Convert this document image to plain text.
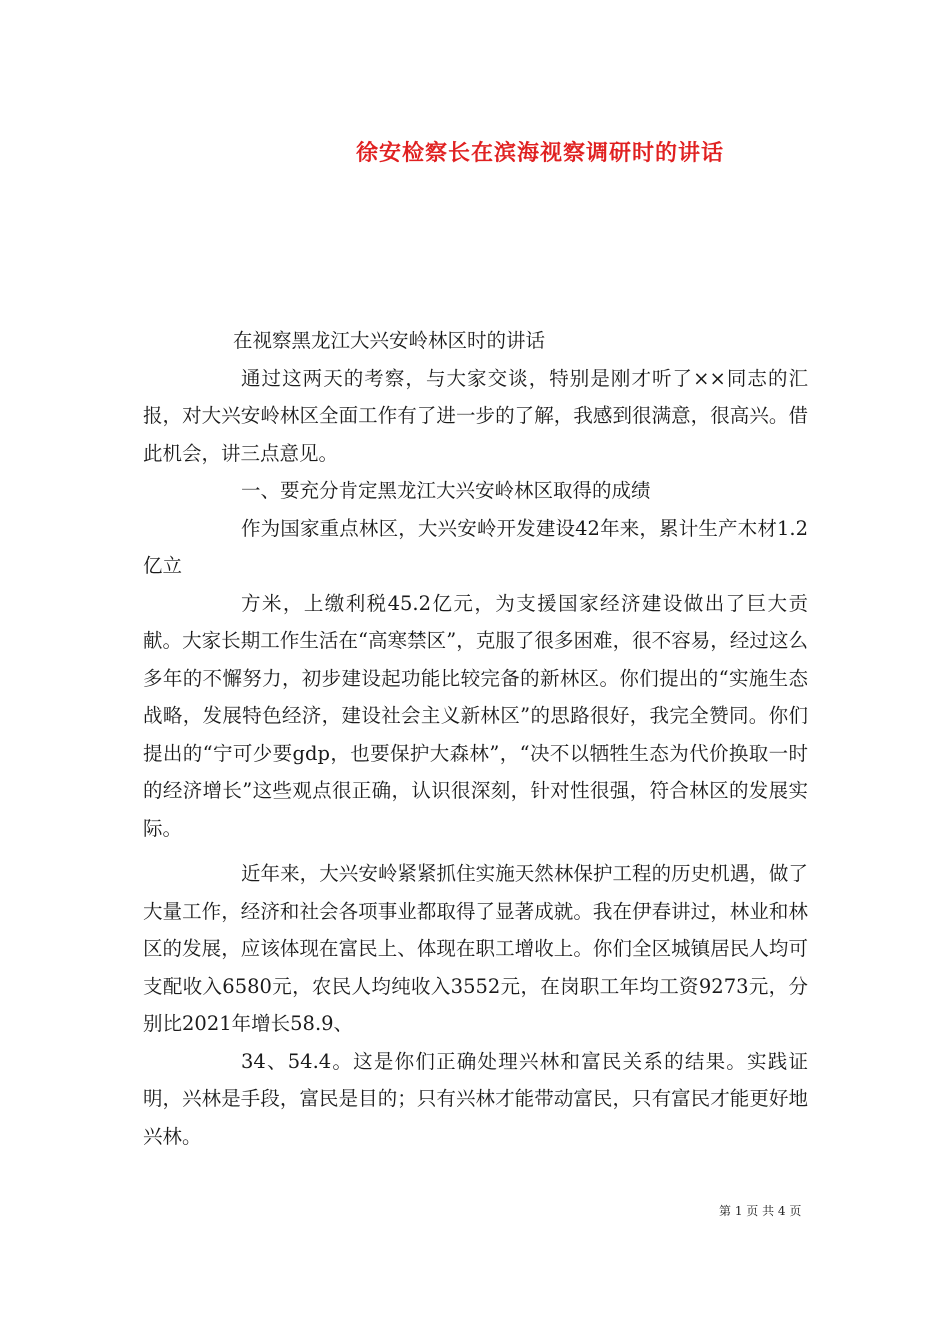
徐安检察长在滨海视察调研时的讲话

在视察黑龙江大兴安岭林区时的讲话

通过这两天的考察，与大家交谈，特别是刚才听了××同志的汇报，对大兴安岭林区全面工作有了进一步的了解，我感到很满意，很高兴。借此机会，讲三点意见。

一、要充分肯定黑龙江大兴安岭林区取得的成绩

作为国家重点林区，大兴安岭开发建设42年来，累计生产木材1.2亿立

方米，上缴利税45.2亿元，为支援国家经济建设做出了巨大贡献。大家长期工作生活在“高寒禁区”，克服了很多困难，很不容易，经过这么多年的不懈努力，初步建设起功能比较完备的新林区。你们提出的“实施生态战略，发展特色经济，建设社会主义新林区”的思路很好，我完全赞同。你们提出的“宁可少要gdp，也要保护大森林”，“决不以牺牲生态为代价换取一时的经济增长”这些观点很正确，认识很深刻，针对性很强，符合林区的发展实际。

近年来，大兴安岭紧紧抓住实施天然林保护工程的历史机遇，做了大量工作，经济和社会各项事业都取得了显著成就。我在伊春讲过，林业和林区的发展，应该体现在富民上、体现在职工增收上。你们全区城镇居民人均可支配收入6580元，农民人均纯收入3552元，在岗职工年均工资9273元，分别比2021年增长58.9、

34、54.4。这是你们正确处理兴林和富民关系的结果。实践证明，兴林是手段，富民是目的；只有兴林才能带动富民，只有富民才能更好地兴林。

第 1 页 共 4 页
